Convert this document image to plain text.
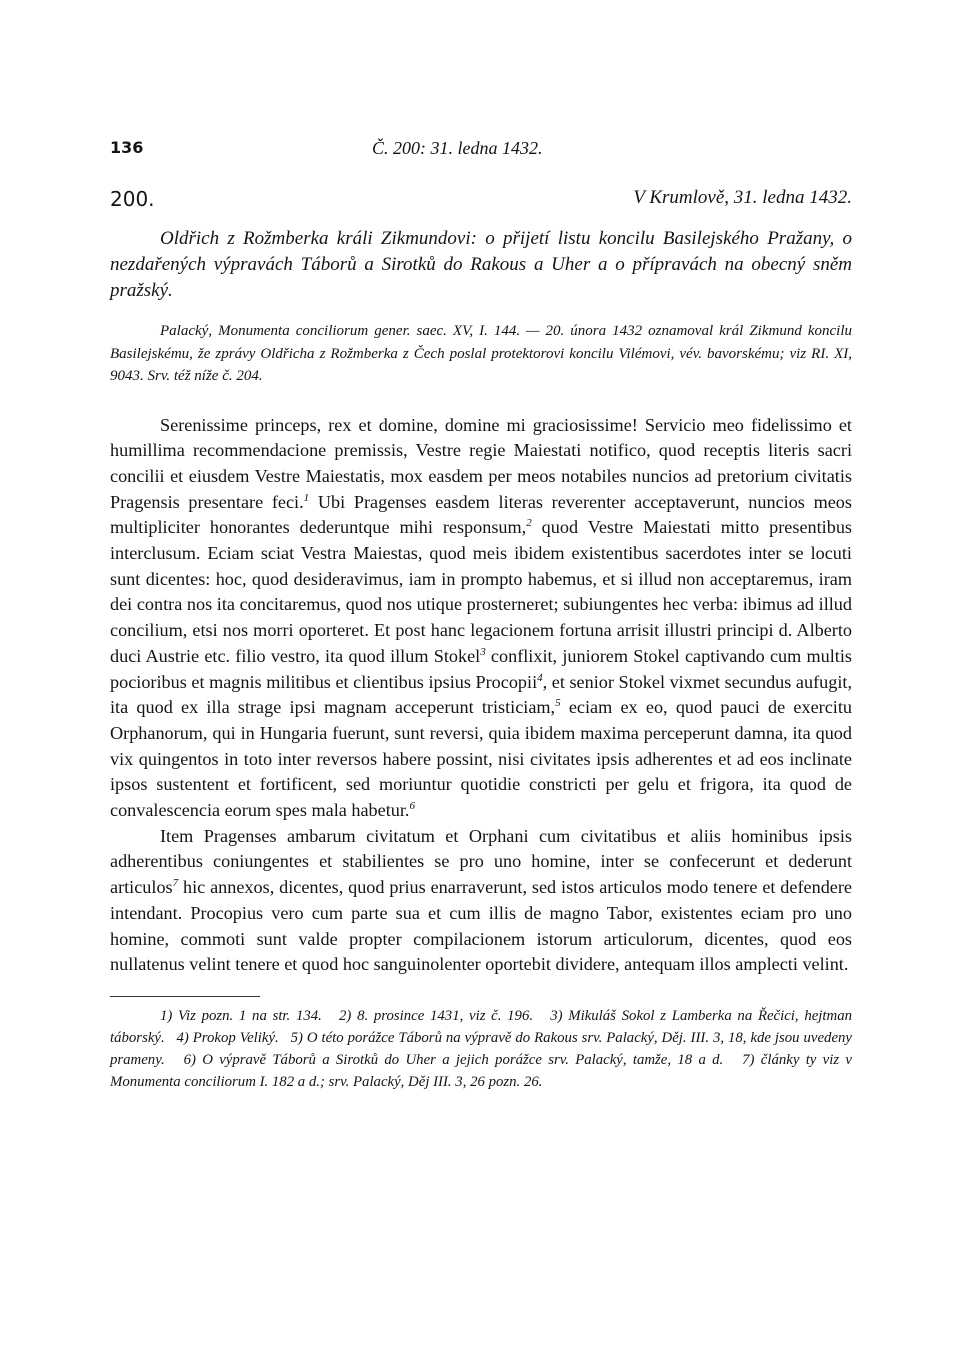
136	Č. 200: 31. ledna 1432.
200.	V Krumlově, 31. ledna 1432.

Oldřich z Rožmberka králi Zikmundovi: o přijetí listu koncilu Basilejského Pražany, o nezdařených výpravách Táborů a Sirotků do Rakous a Uher a o přípravách na obecný sněm pražský.

Palacký, Monumenta conciliorum gener. saec. XV, I. 144. — 20. února 1432 oznamoval král Zikmund koncilu Basilejskému, že zprávy Oldřicha z Rožmberka z Čech poslal protektorovi koncilu Vilémovi, vév. bavorskému; viz RI. XI, 9043. Srv. též níže č. 204.

Serenissime princeps, rex et domine, domine mi graciosissime! Servicio meo fidelissimo et humillima recommendacione premissis, Vestre regie Maiestati notifico, quod receptis literis sacri concilii et eiusdem Vestre Maiestatis, mox easdem per meos notabiles nuncios ad pretorium civitatis Pragensis presentare feci.$^1$ Ubi Pragenses easdem literas reverenter acceptaverunt, nuncios meos multipliciter honorantes dederuntque mihi responsum,$^2$ quod Vestre Maiestati mitto presentibus interclusum. Eciam sciat Vestra Maiestas, quod meis ibidem existentibus sacerdotes inter se locuti sunt dicentes: hoc, quod desideravimus, iam in prompto habemus, et si illud non acceptaremus, iram dei contra nos ita concitaremus, quod nos utique prosterneret; subiungentes hec verba: ibimus ad illud concilium, etsi nos morri oporteret. Et post hanc legacionem fortuna arrisit illustri principi d. Alberto duci Austrie etc. filio vestro, ita quod illum Stokel$^3$ conflixit, juniorem Stokel captivando cum multis pocioribus et magnis militibus et clientibus ipsius Procopii$^4$, et senior Stokel vixmet secundus aufugit, ita quod ex illa strage ipsi magnam acceperunt tristiciam,$^5$ eciam ex eo, quod pauci de exercitu Orphanorum, qui in Hungaria fuerunt, sunt reversi, quia ibidem maxima perceperunt damna, ita quod vix quingentos in toto inter reversos habere possint, nisi civitates ipsis adherentes et ad eos inclinate ipsos sustentent et fortificent, sed moriuntur quotidie constricti per gelu et frigora, ita quod de convalescencia eorum spes mala habetur.$^6$

Item Pragenses ambarum civitatum et Orphani cum civitatibus et aliis hominibus ipsis adherentibus coniungentes et stabilientes se pro uno homine, inter se confecerunt et dederunt articulos$^7$ hic annexos, dicentes, quod prius enarraverunt, sed istos articulos modo tenere et defendere intendant. Procopius vero cum parte sua et cum illis de magno Tabor, existentes eciam pro uno homine, commoti sunt valde propter compilacionem istorum articulorum, dicentes, quod eos nullatenus velint tenere et quod hoc sanguinolenter oportebit dividere, antequam illos amplecti velint.

1) Viz pozn. 1 na str. 134. 2) 8. prosince 1431, viz č. 196. 3) Mikuláš Sokol z Lamberka na Řečici, hejtman táborský. 4) Prokop Veliký. 5) O této porážce Táborů na výpravě do Rakous srv. Palacký, Děj. III. 3, 18, kde jsou uvedeny prameny. 6) O výpravě Táborů a Sirotků do Uher a jejich porážce srv. Palacký, tamže, 18 a d. 7) články ty viz v Monumenta conciliorum I. 182 a d.; srv. Palacký, Děj III. 3, 26 pozn. 26.
